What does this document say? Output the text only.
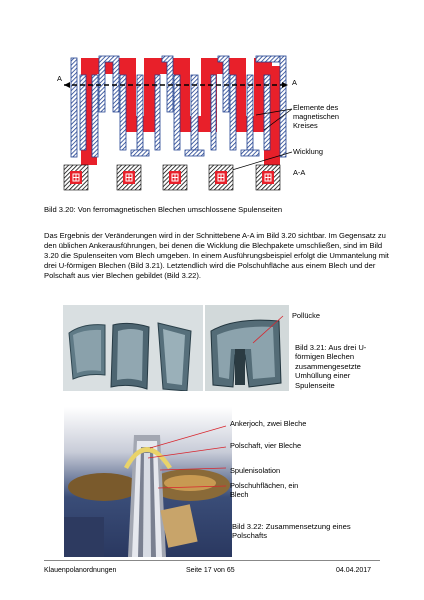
A	A
Elemente des magnetischen Kreises
Wicklung
A-A
Bild 3.20: Von ferromagnetischen Blechen umschlossene Spulenseiten

Das Ergebnis der Veränderungen wird in der Schnittebene A-A im Bild 3.20 sichtbar. Im Gegensatz zu den üblichen Ankerausführungen, bei denen die Wicklung die Blechpakete umschließen, sind im Bild 3.20 die Spulenseiten vom Blech umgeben. In einem Ausführungsbeispiel erfolgt die Ummantelung mit drei U-förmigen Blechen (Bild 3.21). Letztendlich wird die Polschuhfläche aus einem Blech und der Polschaft aus vier Blechen gebildet (Bild 3.22).

Pollücke
Bild 3.21: Aus drei U-förmigen Blechen zusammengesetzte Umhüllung einer Spulenseite
Ankerjoch, zwei Bleche
Polschaft, vier Bleche
Spulenisolation
Polschuhflächen, ein Blech
Bild 3.22: Zusammensetzung eines Polschafts
Klauenpolanordnungen	Seite 17 von 65	04.04.2017
